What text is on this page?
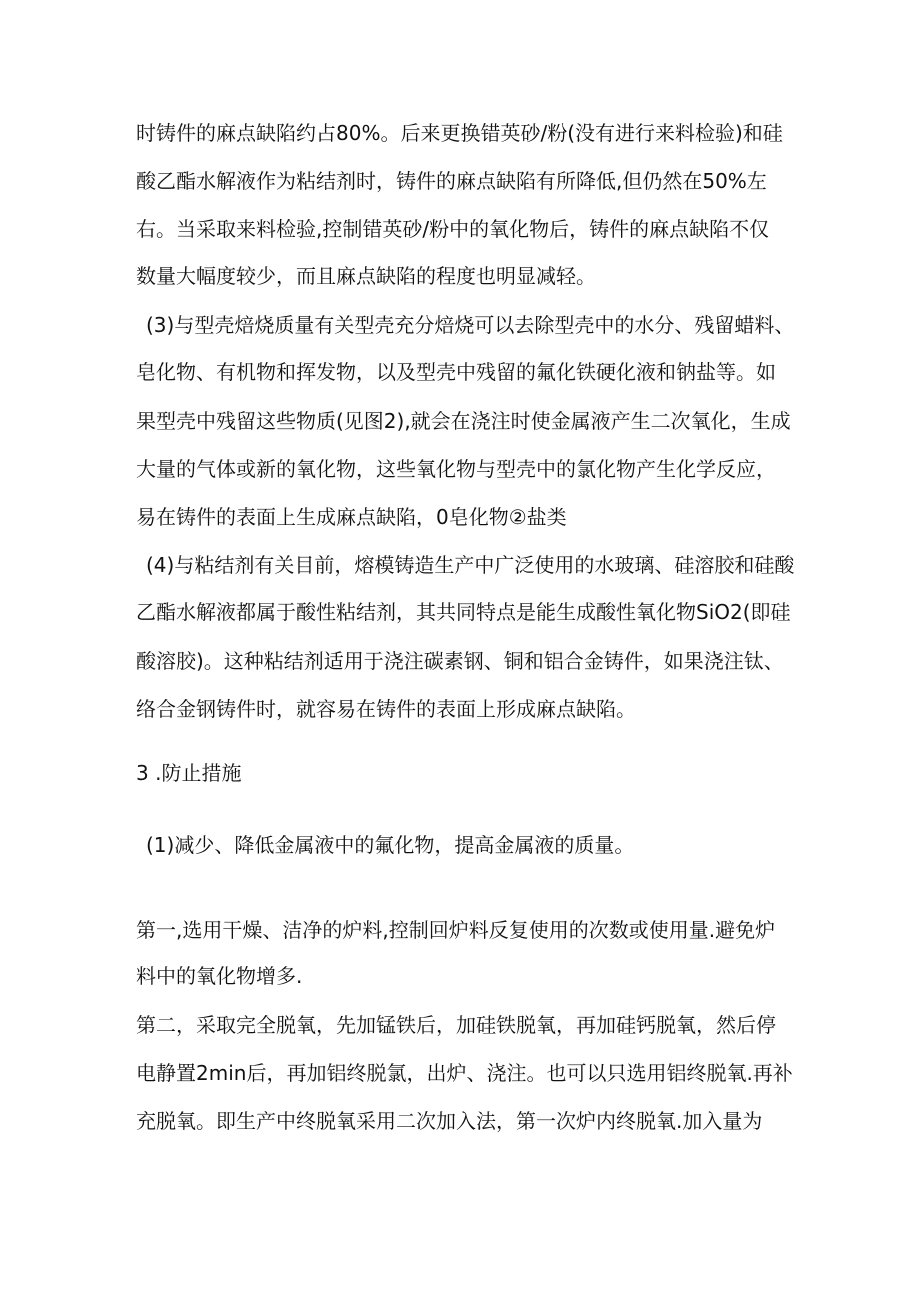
时铸件的麻点缺陷约占80%。后来更换错英砂/粉(没有进行来料检验)和硅
酸乙酯水解液作为粘结剂时，铸件的麻点缺陷有所降低,但仍然在50%左
右。当采取来料检验,控制错英砂/粉中的氧化物后，铸件的麻点缺陷不仅
数量大幅度较少，而且麻点缺陷的程度也明显减轻。
(3)与型壳焙烧质量有关型壳充分焙烧可以去除型壳中的水分、残留蜡料、
皂化物、有机物和挥发物，以及型壳中残留的氟化铁硬化液和钠盐等。如
果型壳中残留这些物质(见图2),就会在浇注时使金属液产生二次氧化，生成
大量的气体或新的氧化物，这些氧化物与型壳中的氯化物产生化学反应，
易在铸件的表面上生成麻点缺陷，0皂化物②盐类
(4)与粘结剂有关目前，熔模铸造生产中广泛使用的水玻璃、硅溶胶和硅酸
乙酯水解液都属于酸性粘结剂，其共同特点是能生成酸性氧化物SiO2(即硅
酸溶胶)。这种粘结剂适用于浇注碳素钢、铜和铝合金铸件，如果浇注钛、
络合金钢铸件时，就容易在铸件的表面上形成麻点缺陷。
3 .防止措施
(1)减少、降低金属液中的氟化物，提高金属液的质量。
第一,选用干燥、洁净的炉料,控制回炉料反复使用的次数或使用量.避免炉
料中的氧化物增多.
第二，采取完全脱氧，先加锰铁后，加硅铁脱氧，再加硅钙脱氧，然后停
电静置2min后，再加铝终脱氯，出炉、浇注。也可以只选用铝终脱氧.再补
充脱氧。即生产中终脱氧采用二次加入法，第一次炉内终脱氧.加入量为
